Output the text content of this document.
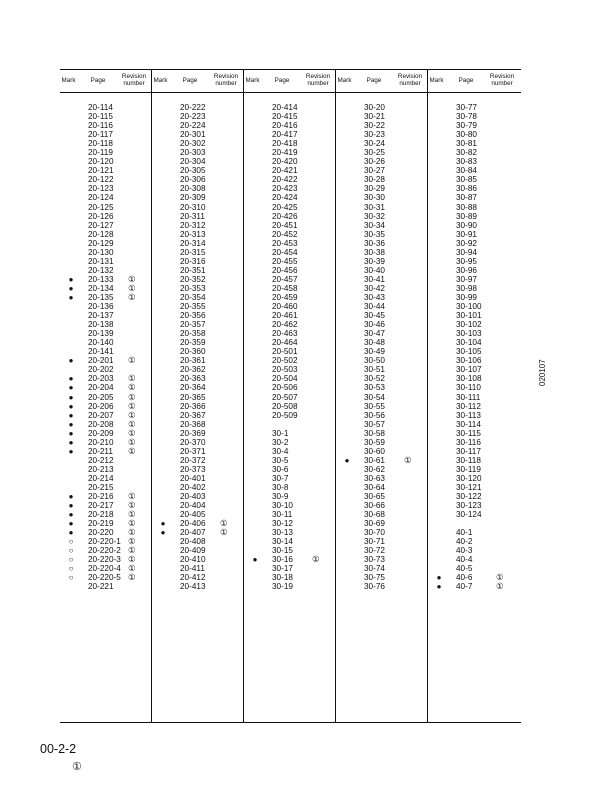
Mark	Page
Revision
number
20-114
20-115
20-116
20-117
20-118
20-119
20-120
20-121
20-122
20-123
20-124
20-125
20-126
20-127
20-128
20-129
20-130
20-131
20-132
●	20-133 ①
●	20-134 ①
●	20-135 ①
20-136
20-137
20-138
20-139
20-140
20-141
●	20-201 ①
20-202
●	20-203 ①
●	20-204 ①
●	20-205 ①
●	20-206 ①
●	20-207 ①
●	20-208 ①
●	20-209 ①
●	20-210 ①
●	20-211 ①
20-212
20-213
20-214
20-215
●	20-216 ①
●	20-217 ①
●	20-218 ①
●	20-219 ①
●	20-220 ①
○	20-220-1 ①
○	20-220-2 ①
○	20-220-3 ①
○	20-220-4 ①
○	20-220-5 ①
20-221
Mark	Page
Revision
number
20-222
20-223
20-224
20-301
20-302
20-303
20-304
20-305
20-306
20-308
20-309
20-310
20-311
20-312
20-313
20-314
20-315
20-316
20-351
20-352
20-353
20-354
20-355
20-356
20-357
20-358
20-359
20-360
20-361
20-362
20-363
20-364
20-365
20-366
20-367
20-368
20-369
20-370
20-371
20-372
20-373
20-401
20-402
20-403
20-404
20-405
●	20-406 ①
●	20-407 ①
20-408
20-409
20-410
20-411
20-412
20-413
Mark	Page
Revision
number
20-414
20-415
20-416
20-417
20-418
20-419
20-420
20-421
20-422
20-423
20-424
20-425
20-426
20-451
20-452
20-453
20-454
20-455
20-456
20-457
20-458
20-459
20-460
20-461
20-462
20-463
20-464
20-501
20-502
20-503
20-504
20-506
20-507
20-508
20-509
30-1
30-2
30-4
30-5
30-6
30-7
30-8
30-9
30-10
30-11
30-12
30-13
30-14
30-15
●	30-16 ①
30-17
30-18
30-19
Mark	Page
Revision
number
30-20
30-21
30-22
30-23
30-24
30-25
30-26
30-27
30-28
30-29
30-30
30-31
30-32
30-34
30-35
30-36
30-38
30-39
30-40
30-41
30-42
30-43
30-44
30-45
30-46
30-47
30-48
30-49
30-50
30-51
30-52
30-53
30-54
30-55
30-56
30-57
30-58
30-59
30-60
●	30-61 ①
30-62
30-63
30-64
30-65
30-66
30-68
30-69
30-70
30-71
30-72
30-73
30-74
30-75
30-76
Mark	Page
Revision
number
30-77
30-78
30-79
30-80
30-81
30-82
30-83
30-84
30-85
30-86
30-87
30-88
30-89
30-90
30-91
30-92
30-94
30-95
30-96
30-97
30-98
30-99
30-100
30-101
30-102
30-103
30-104
30-105
30-106
30-107
30-108
30-110
30-111
30-112
30-113
30-114
30-115
30-116
30-117
30-118
30-119
30-120
30-121
30-122
30-123
30-124
40-1
40-2
40-3
40-4
40-5
●	40-6	①
●	40-7	①
00-2-2
①
020107
